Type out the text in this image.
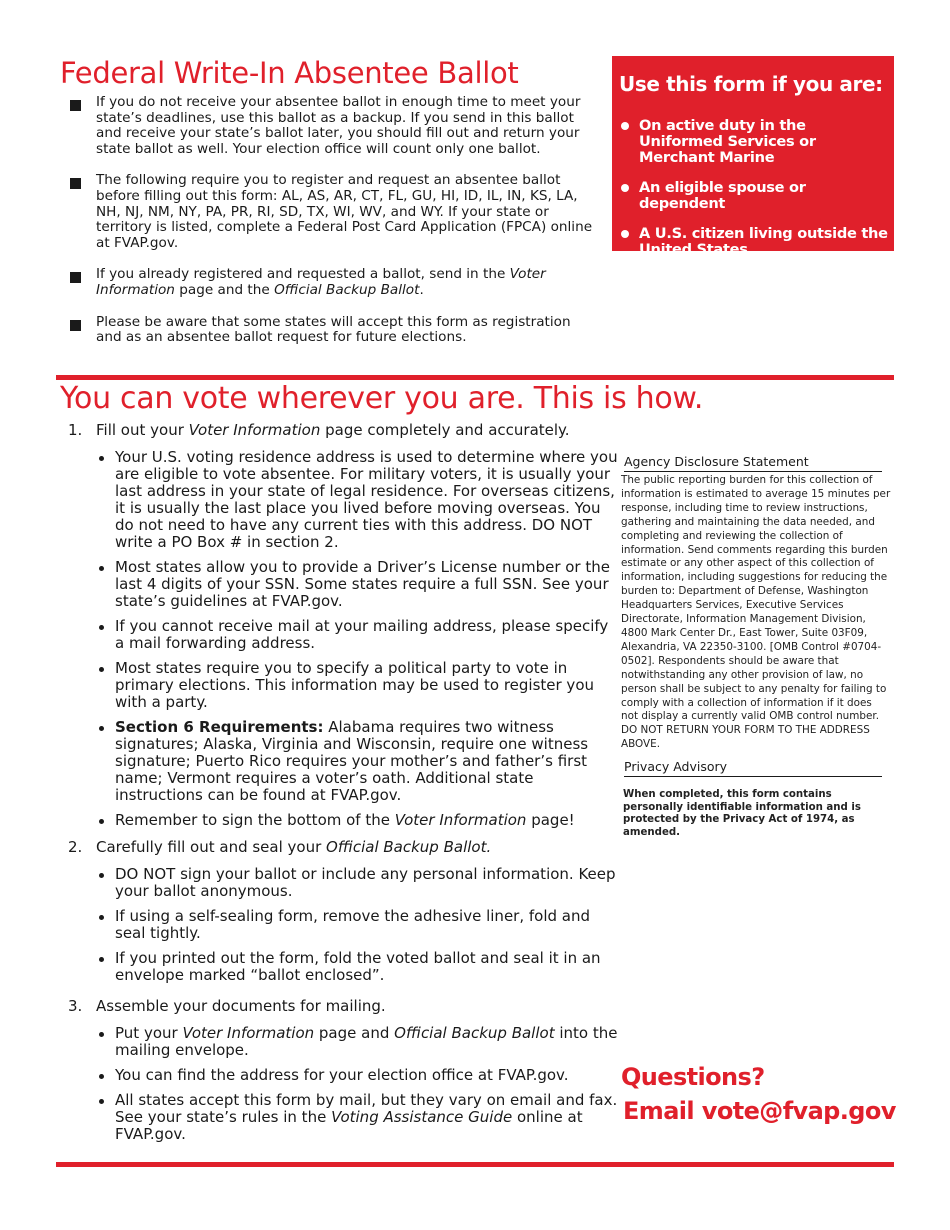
Federal Write-In Absentee Ballot
If you do not receive your absentee ballot in enough time to meet your state’s deadlines, use this ballot as a backup. If you send in this ballot and receive your state’s ballot later, you should fill out and return your state ballot as well. Your election office will count only one ballot.
The following require you to register and request an absentee ballot before filling out this form: AL, AS, AR, CT, FL, GU, HI, ID, IL, IN, KS, LA, NH, NJ, NM, NY, PA, PR, RI, SD, TX, WI, WV, and WY. If your state or territory is listed, complete a Federal Post Card Application (FPCA) online at FVAP.gov.
If you already registered and requested a ballot, send in the Voter Information page and the Official Backup Ballot.
Please be aware that some states will accept this form as registration and as an absentee ballot request for future elections.
Use this form if you are:
On active duty in the Uniformed Services or Merchant Marine
An eligible spouse or dependent
A U.S. citizen living outside the United States
You can vote wherever you are. This is how.
1. Fill out your Voter Information page completely and accurately.
Your U.S. voting residence address is used to determine where you are eligible to vote absentee. For military voters, it is usually your last address in your state of legal residence. For overseas citizens, it is usually the last place you lived before moving overseas. You do not need to have any current ties with this address. DO NOT write a PO Box # in section 2.
Most states allow you to provide a Driver’s License number or the last 4 digits of your SSN. Some states require a full SSN. See your state’s guidelines at FVAP.gov.
If you cannot receive mail at your mailing address, please specify a mail forwarding address.
Most states require you to specify a political party to vote in primary elections. This information may be used to register you with a party.
Section 6 Requirements: Alabama requires two witness signatures; Alaska, Virginia and Wisconsin, require one witness signature; Puerto Rico requires your mother’s and father’s first name; Vermont requires a voter’s oath. Additional state instructions can be found at FVAP.gov.
Remember to sign the bottom of the Voter Information page!
2. Carefully fill out and seal your Official Backup Ballot.
DO NOT sign your ballot or include any personal information. Keep your ballot anonymous.
If using a self-sealing form, remove the adhesive liner, fold and seal tightly.
If you printed out the form, fold the voted ballot and seal it in an envelope marked “ballot enclosed”.
3. Assemble your documents for mailing.
Put your Voter Information page and Official Backup Ballot into the mailing envelope.
You can find the address for your election office at FVAP.gov.
All states accept this form by mail, but they vary on email and fax. See your state’s rules in the Voting Assistance Guide online at FVAP.gov.
Agency Disclosure Statement
The public reporting burden for this collection of information is estimated to average 15 minutes per response, including time to review instructions, gathering and maintaining the data needed, and completing and reviewing the collection of information. Send comments regarding this burden estimate or any other aspect of this collection of information, including suggestions for reducing the burden to: Department of Defense, Washington Headquarters Services, Executive Services Directorate, Information Management Division, 4800 Mark Center Dr., East Tower, Suite 03F09, Alexandria, VA 22350-3100. [OMB Control #0704-0502]. Respondents should be aware that notwithstanding any other provision of law, no person shall be subject to any penalty for failing to comply with a collection of information if it does not display a currently valid OMB control number. DO NOT RETURN YOUR FORM TO THE ADDRESS ABOVE.
Privacy Advisory
When completed, this form contains personally identifiable information and is protected by the Privacy Act of 1974, as amended.
Questions?
Email vote@fvap.gov
